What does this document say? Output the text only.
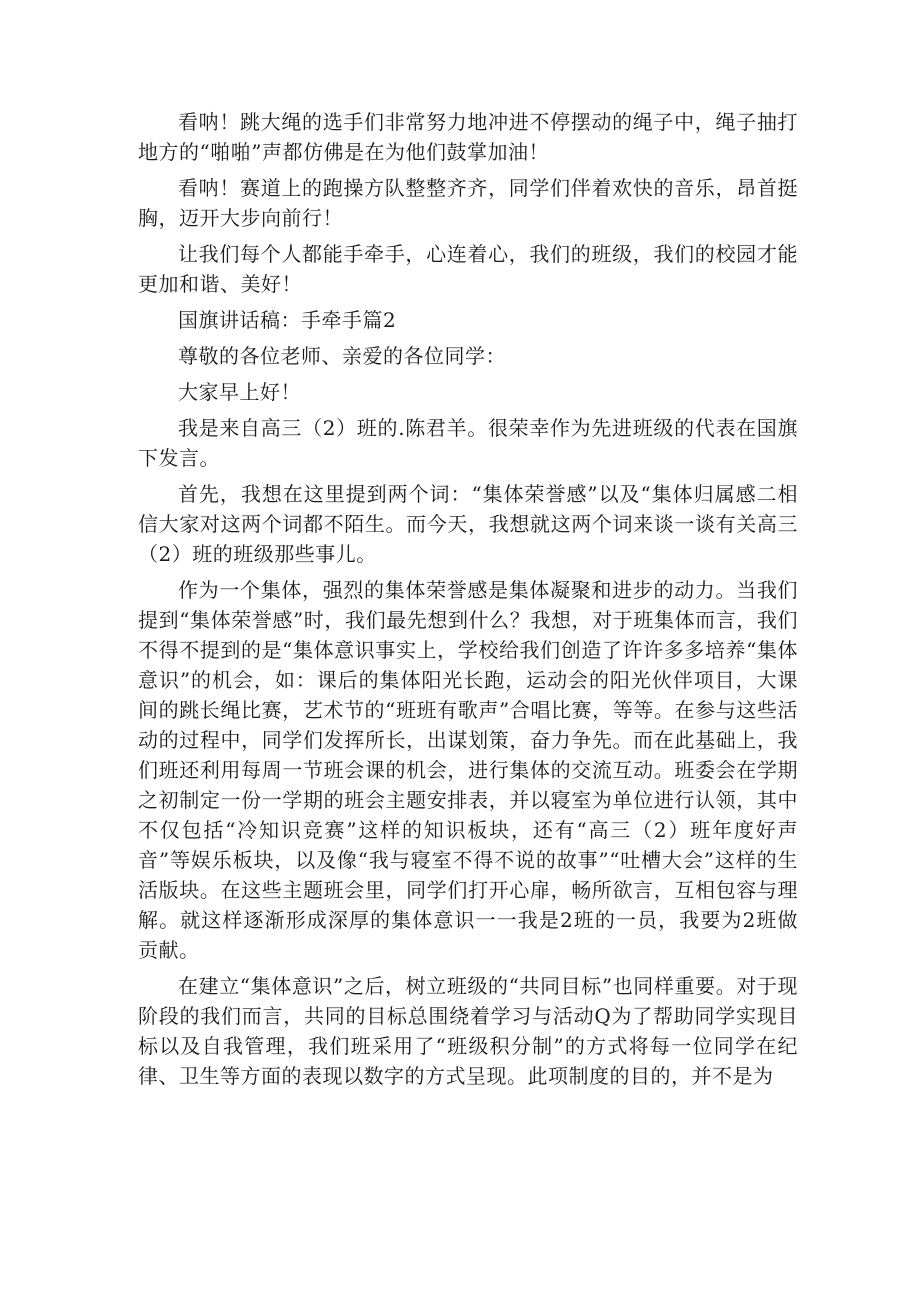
看呐！跳大绳的选手们非常努力地冲进不停摆动的绳子中，绳子抽打地方的“啪啪”声都仿佛是在为他们鼓掌加油！

看呐！赛道上的跑操方队整整齐齐，同学们伴着欢快的音乐，昂首挺胸，迈开大步向前行！

让我们每个人都能手牵手，心连着心，我们的班级，我们的校园才能更加和谐、美好！

国旗讲话稿：手牵手篇2

尊敬的各位老师、亲爱的各位同学：

大家早上好！

我是来自高三（2）班的.陈君羊。很荣幸作为先进班级的代表在国旗下发言。

首先，我想在这里提到两个词：“集体荣誉感”以及“集体归属感二相信大家对这两个词都不陌生。而今天，我想就这两个词来谈一谈有关高三（2）班的班级那些事儿。

作为一个集体，强烈的集体荣誉感是集体凝聚和进步的动力。当我们提到“集体荣誉感”时，我们最先想到什么？我想，对于班集体而言，我们不得不提到的是“集体意识事实上，学校给我们创造了许许多多培养“集体意识”的机会，如：课后的集体阳光长跑，运动会的阳光伙伴项目，大课间的跳长绳比赛，艺术节的“班班有歌声”合唱比赛，等等。在参与这些活动的过程中，同学们发挥所长，出谋划策，奋力争先。而在此基础上，我们班还利用每周一节班会课的机会，进行集体的交流互动。班委会在学期之初制定一份一学期的班会主题安排表，并以寝室为单位进行认领，其中不仅包括“冷知识竞赛”这样的知识板块，还有“高三（2）班年度好声音”等娱乐板块，以及像“我与寝室不得不说的故事”“吐槽大会”这样的生活版块。在这些主题班会里，同学们打开心扉，畅所欲言，互相包容与理解。就这样逐渐形成深厚的集体意识一一我是2班的一员，我要为2班做贡献。

在建立“集体意识”之后，树立班级的“共同目标”也同样重要。对于现阶段的我们而言，共同的目标总围绕着学习与活动Q为了帮助同学实现目标以及自我管理，我们班采用了“班级积分制”的方式将每一位同学在纪律、卫生等方面的表现以数字的方式呈现。此项制度的目的，并不是为
